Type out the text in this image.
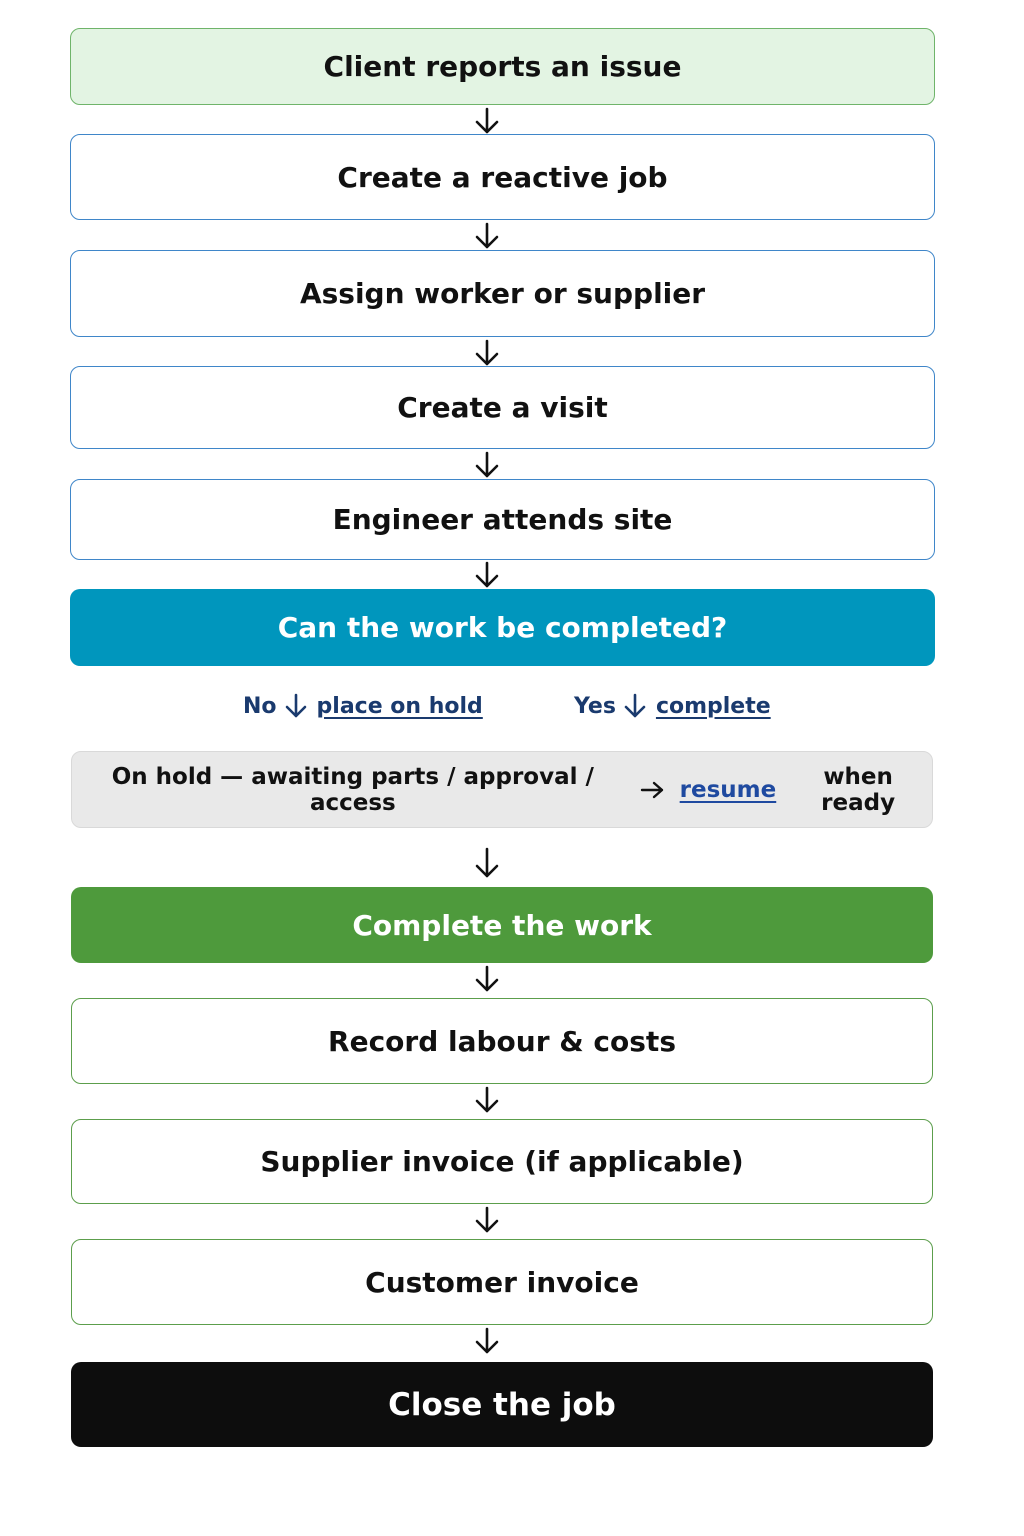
Client reports an issue
Create a reactive job
Assign worker or supplier
Create a visit
Engineer attends site
Can the work be completed?
No place on hold	Yes complete
On hold — awaiting parts / approval / access	resume	when ready
Complete the work
Record labour & costs
Supplier invoice (if applicable)
Customer invoice
Close the job
